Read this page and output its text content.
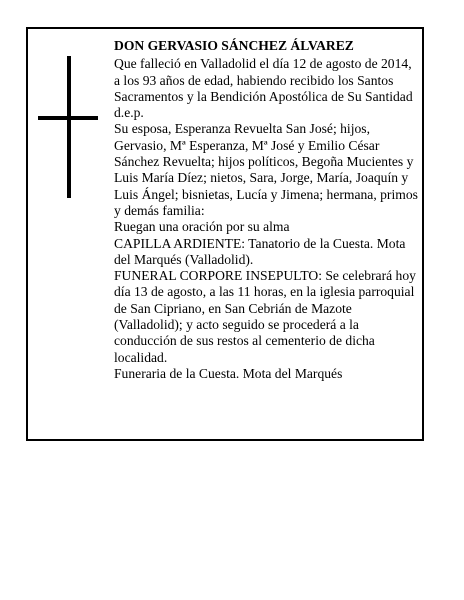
DON GERVASIO SÁNCHEZ ÁLVAREZ

Que falleció en Valladolid el día 12 de agosto de 2014, a los 93 años de edad, habiendo recibido los Santos Sacramentos y la Bendición Apostólica de Su Santidad

d.e.p.

Su esposa, Esperanza Revuelta San José; hijos, Gervasio, Mª Esperanza, Mª José y Emilio César Sánchez Revuelta; hijos políticos, Begoña Mucientes y Luis María Díez; nietos, Sara, Jorge, María, Joaquín y Luis Ángel; bisnietas, Lucía y Jimena; hermana, primos y demás familia:

Ruegan una oración por su alma

CAPILLA ARDIENTE: Tanatorio de la Cuesta. Mota del Marqués (Valladolid).

FUNERAL CORPORE INSEPULTO: Se celebrará hoy día 13 de agosto, a las 11 horas, en la iglesia parroquial de San Cipriano, en San Cebrián de Mazote (Valladolid); y acto seguido se procederá a la conducción de sus restos al cementerio de dicha localidad.

Funeraria de la Cuesta. Mota del Marqués
